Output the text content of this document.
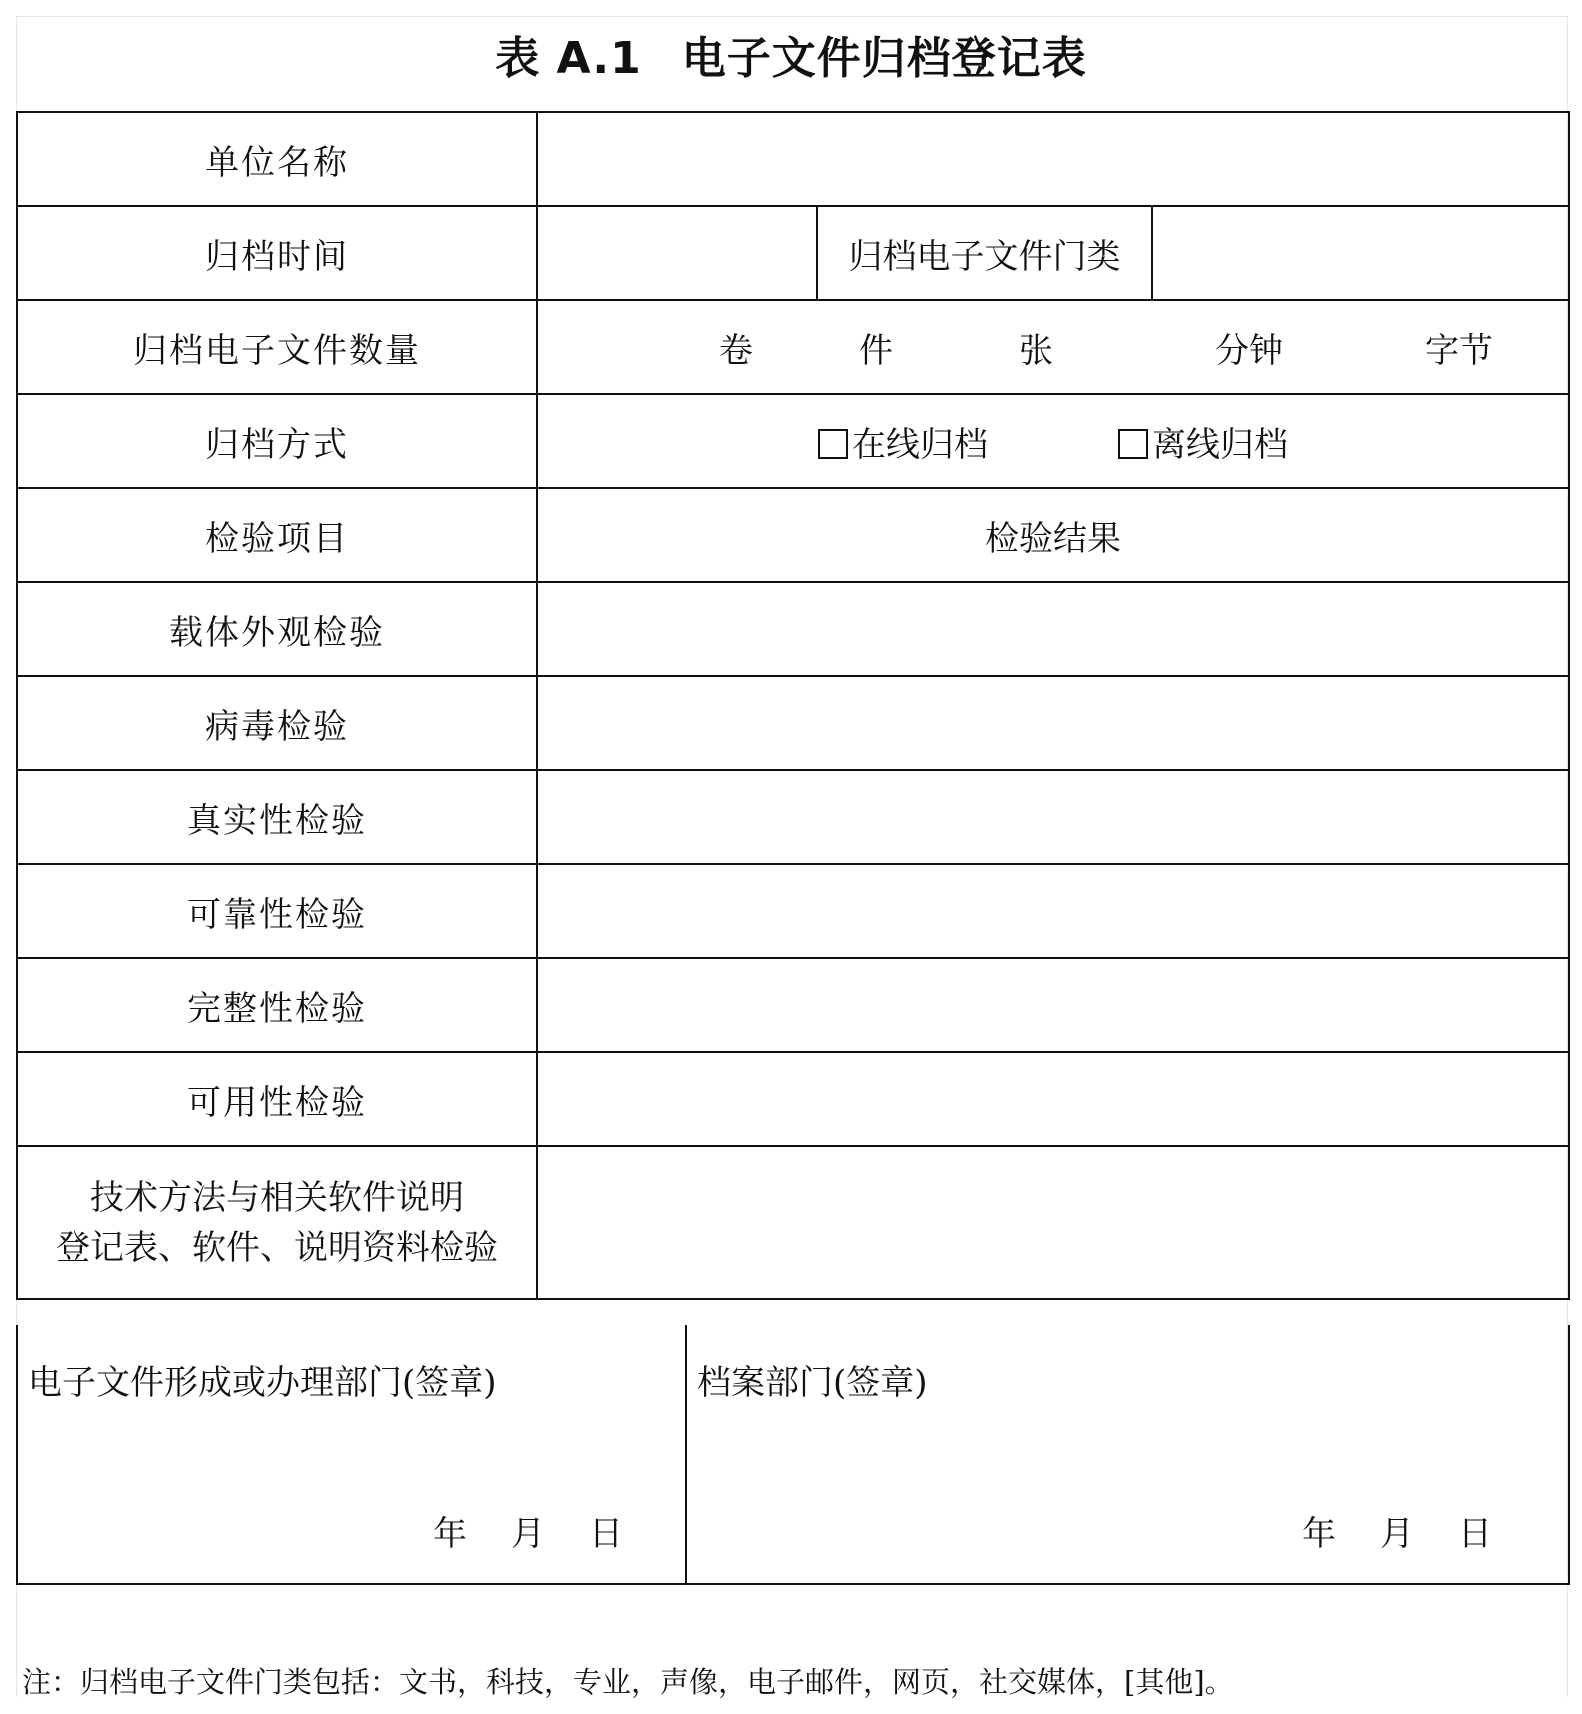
表 A.1 电子文件归档登记表
单位名称			
归档时间		归档电子文件门类	
归档电子文件数量	卷 件 张 分钟 字节		
归档方式	在线归档 离线归档		
检验项目	检验结果		
载体外观检验			
病毒检验			
真实性检验			
可靠性检验			
完整性检验			
可用性检验			

技术方法与相关软件说明
登记表、软件、说明资料检验			

电子文件形成或办理部门(签章)
年 月 日

档案部门(签章)
年 月 日
注：归档电子文件门类包括：文书，科技，专业，声像，电子邮件，网页，社交媒体，[其他]。
